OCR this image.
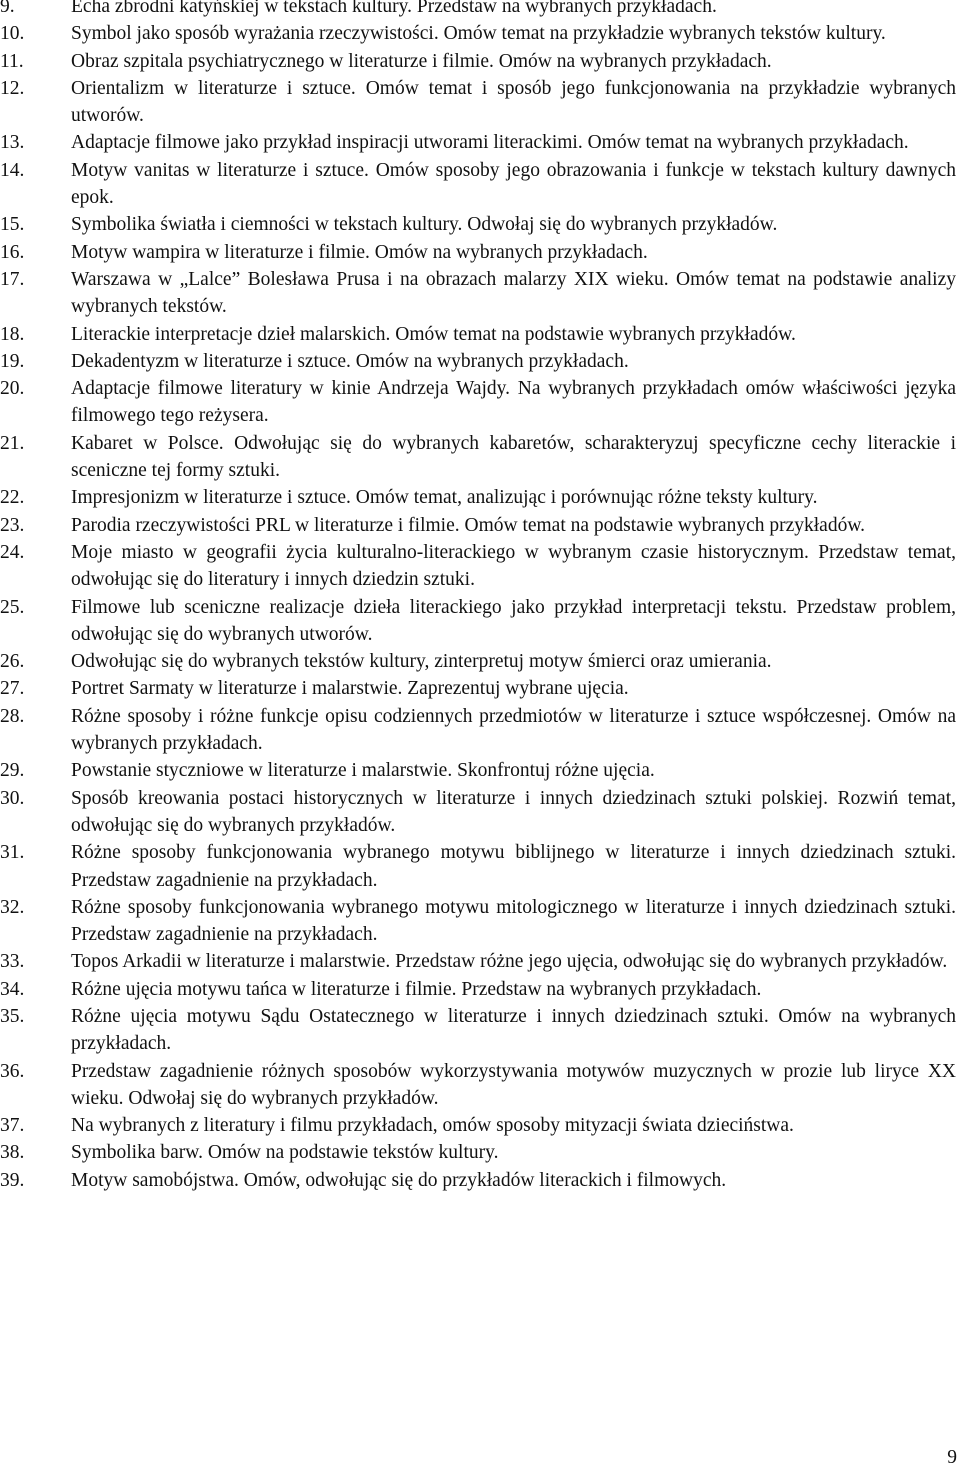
9.	Echa zbrodni katyńskiej w tekstach kultury. Przedstaw na wybranych przykładach.
10.	Symbol jako sposób wyrażania rzeczywistości. Omów temat na przykładzie wybranych tekstów kultury.
11.	Obraz szpitala psychiatrycznego w literaturze i filmie. Omów na wybranych przykładach.
12.	Orientalizm w literaturze i sztuce. Omów temat i sposób jego funkcjonowania na przykładzie wybranych utworów.
13.	Adaptacje filmowe jako przykład inspiracji utworami literackimi. Omów temat na wybranych przykładach.
14.	Motyw vanitas w literaturze i sztuce. Omów sposoby jego obrazowania i funkcje w tekstach kultury dawnych epok.
15.	Symbolika światła i ciemności w tekstach kultury. Odwołaj się do wybranych przykładów.
16.	Motyw wampira w literaturze i filmie. Omów na wybranych przykładach.
17.	Warszawa w „Lalce” Bolesława Prusa i na obrazach malarzy XIX wieku. Omów temat na podstawie analizy wybranych tekstów.
18.	Literackie interpretacje dzieł malarskich. Omów temat na podstawie wybranych przykładów.
19.	Dekadentyzm w literaturze i sztuce. Omów na wybranych przykładach.
20.	Adaptacje filmowe literatury w kinie Andrzeja Wajdy. Na wybranych przykładach omów właściwości języka filmowego tego reżysera.
21.	Kabaret w Polsce. Odwołując się do wybranych kabaretów, scharakteryzuj specyficzne cechy literackie i sceniczne tej formy sztuki.
22.	Impresjonizm w literaturze i sztuce. Omów temat, analizując i porównując różne teksty kultury.
23.	Parodia rzeczywistości PRL w literaturze i filmie. Omów temat na podstawie wybranych przykładów.
24.	Moje miasto w geografii życia kulturalno-literackiego w wybranym czasie historycznym. Przedstaw temat, odwołując się do literatury i innych dziedzin sztuki.
25.	Filmowe lub sceniczne realizacje dzieła literackiego jako przykład interpretacji tekstu. Przedstaw problem, odwołując się do wybranych utworów.
26.	Odwołując się do wybranych tekstów kultury, zinterpretuj motyw śmierci oraz umierania.
27.	Portret Sarmaty w literaturze i malarstwie. Zaprezentuj wybrane ujęcia.
28.	Różne sposoby i różne funkcje opisu codziennych przedmiotów w literaturze i sztuce współczesnej. Omów na wybranych przykładach.
29.	Powstanie styczniowe w literaturze i malarstwie. Skonfrontuj różne ujęcia.
30.	Sposób kreowania postaci historycznych w literaturze i innych dziedzinach sztuki polskiej. Rozwiń temat, odwołując się do wybranych przykładów.
31.	Różne sposoby funkcjonowania wybranego motywu biblijnego w literaturze i innych dziedzinach sztuki. Przedstaw zagadnienie na przykładach.
32.	Różne sposoby funkcjonowania wybranego motywu mitologicznego w literaturze i innych dziedzinach sztuki. Przedstaw zagadnienie na przykładach.
33.	Topos Arkadii w literaturze i malarstwie. Przedstaw różne jego ujęcia, odwołując się do wybranych przykładów.
34.	Różne ujęcia motywu tańca w literaturze i filmie. Przedstaw na wybranych przykładach.
35.	Różne ujęcia motywu Sądu Ostatecznego w literaturze i innych dziedzinach sztuki. Omów na wybranych przykładach.
36.	Przedstaw zagadnienie różnych sposobów wykorzystywania motywów muzycznych w prozie lub liryce XX wieku. Odwołaj się do wybranych przykładów.
37.	Na wybranych z literatury i filmu przykładach, omów sposoby mityzacji świata dzieciństwa.
38.	Symbolika barw. Omów na podstawie tekstów kultury.
39.	Motyw samobójstwa. Omów, odwołując się do przykładów literackich i filmowych.
9
